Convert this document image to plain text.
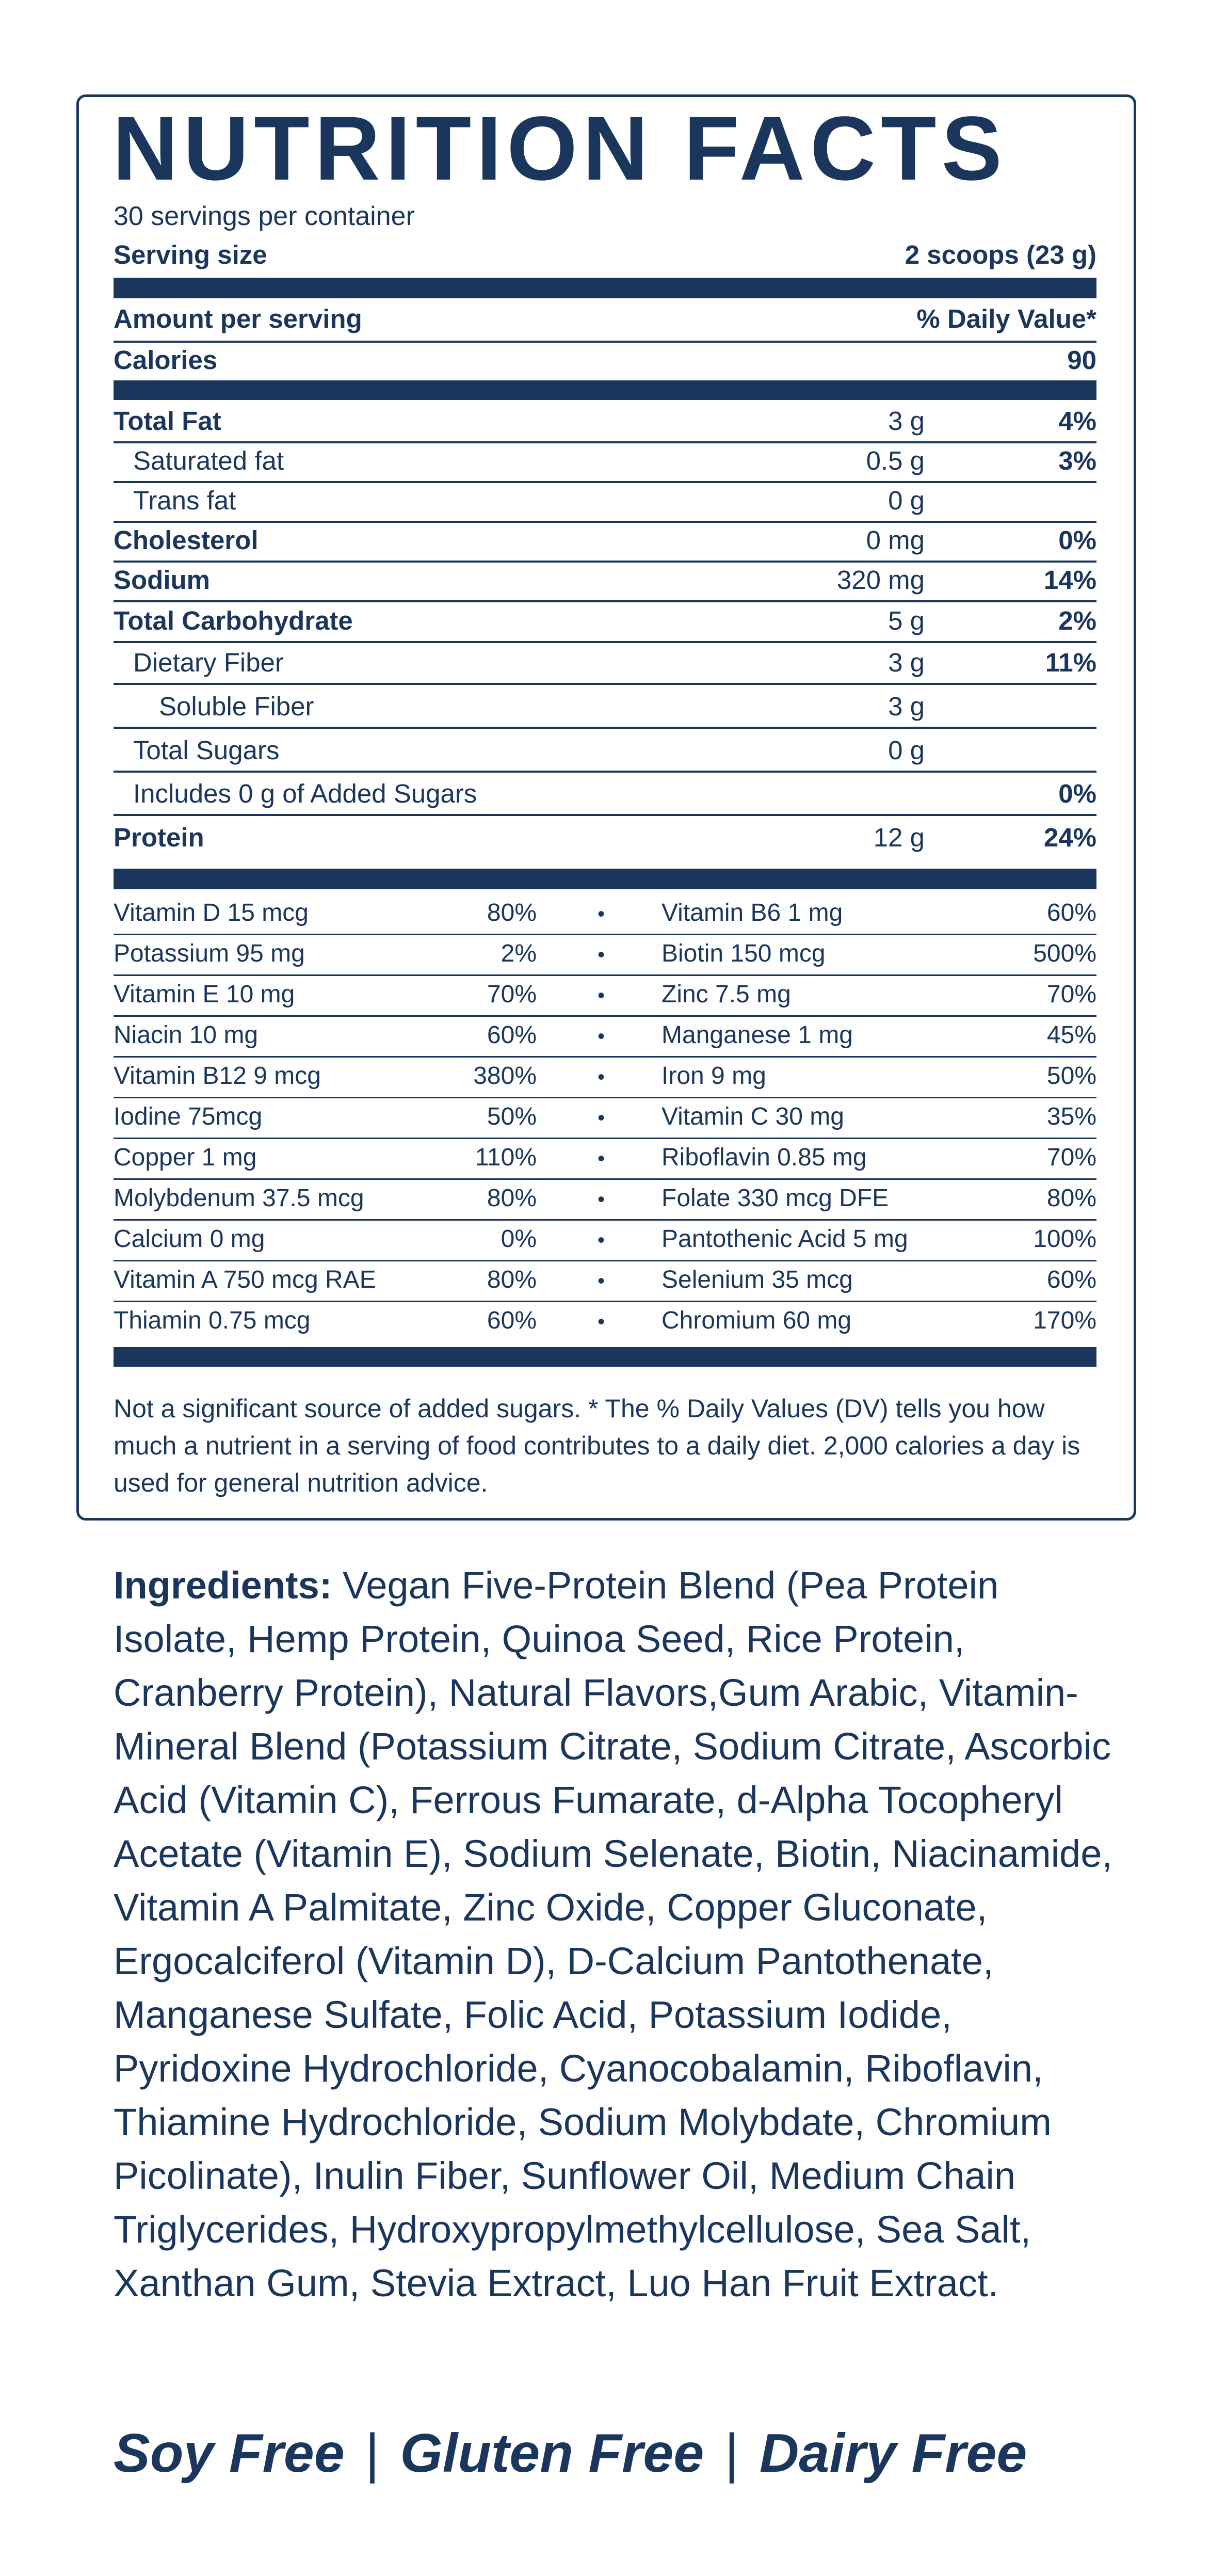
NUTRITION FACTS
30 servings per container
Serving size	2 scoops (23 g)
Amount per serving	% Daily Value*
Calories	90
Total Fat	3 g	4%
Saturated fat	0.5 g	3%
Trans fat	0 g
Cholesterol	0 mg	0%
Sodium	320 mg	14%
Total Carbohydrate	5 g	2%
Dietary Fiber	3 g	11%
Soluble Fiber	3 g
Total Sugars	0 g
Includes 0 g of Added Sugars	0%
Protein	12 g	24%
Vitamin D 15 mcg	80%	• Vitamin B6 1 mg	60%
Potassium 95 mg	2%	• Biotin 150 mcg	500%
Vitamin E 10 mg	70%	• Zinc 7.5 mg	70%
Niacin 10 mg	60%	• Manganese 1 mg	45%
Vitamin B12 9 mcg	380%	• Iron 9 mg	50%
Iodine 75mcg	50%	• Vitamin C 30 mg	35%
Copper 1 mg	110%	• Riboflavin 0.85 mg	70%
Molybdenum 37.5 mcg	80%	• Folate 330 mcg DFE	80%
Calcium 0 mg	0%	• Pantothenic Acid 5 mg	100%
Vitamin A 750 mcg RAE	80%	• Selenium 35 mcg	60%
Thiamin 0.75 mcg	60%	• Chromium 60 mg	170%
Not a significant source of added sugars. * The % Daily Values (DV) tells you how much a nutrient in a serving of food contributes to a daily diet. 2,000 calories a day is used for general nutrition advice.
Ingredients: Vegan Five-Protein Blend (Pea Protein Isolate, Hemp Protein, Quinoa Seed, Rice Protein, Cranberry Protein), Natural Flavors,Gum Arabic, Vitamin- Mineral Blend (Potassium Citrate, Sodium Citrate, Ascorbic Acid (Vitamin C), Ferrous Fumarate, d-Alpha Tocopheryl Acetate (Vitamin E), Sodium Selenate, Biotin, Niacinamide, Vitamin A Palmitate, Zinc Oxide, Copper Gluconate, Ergocalciferol (Vitamin D), D-Calcium Pantothenate, Manganese Sulfate, Folic Acid, Potassium Iodide, Pyridoxine Hydrochloride, Cyanocobalamin, Riboflavin, Thiamine Hydrochloride, Sodium Molybdate, Chromium Picolinate), Inulin Fiber, Sunflower Oil, Medium Chain Triglycerides, Hydroxypropylmethylcellulose, Sea Salt, Xanthan Gum, Stevia Extract, Luo Han Fruit Extract.
Soy Free | Gluten Free | Dairy Free
